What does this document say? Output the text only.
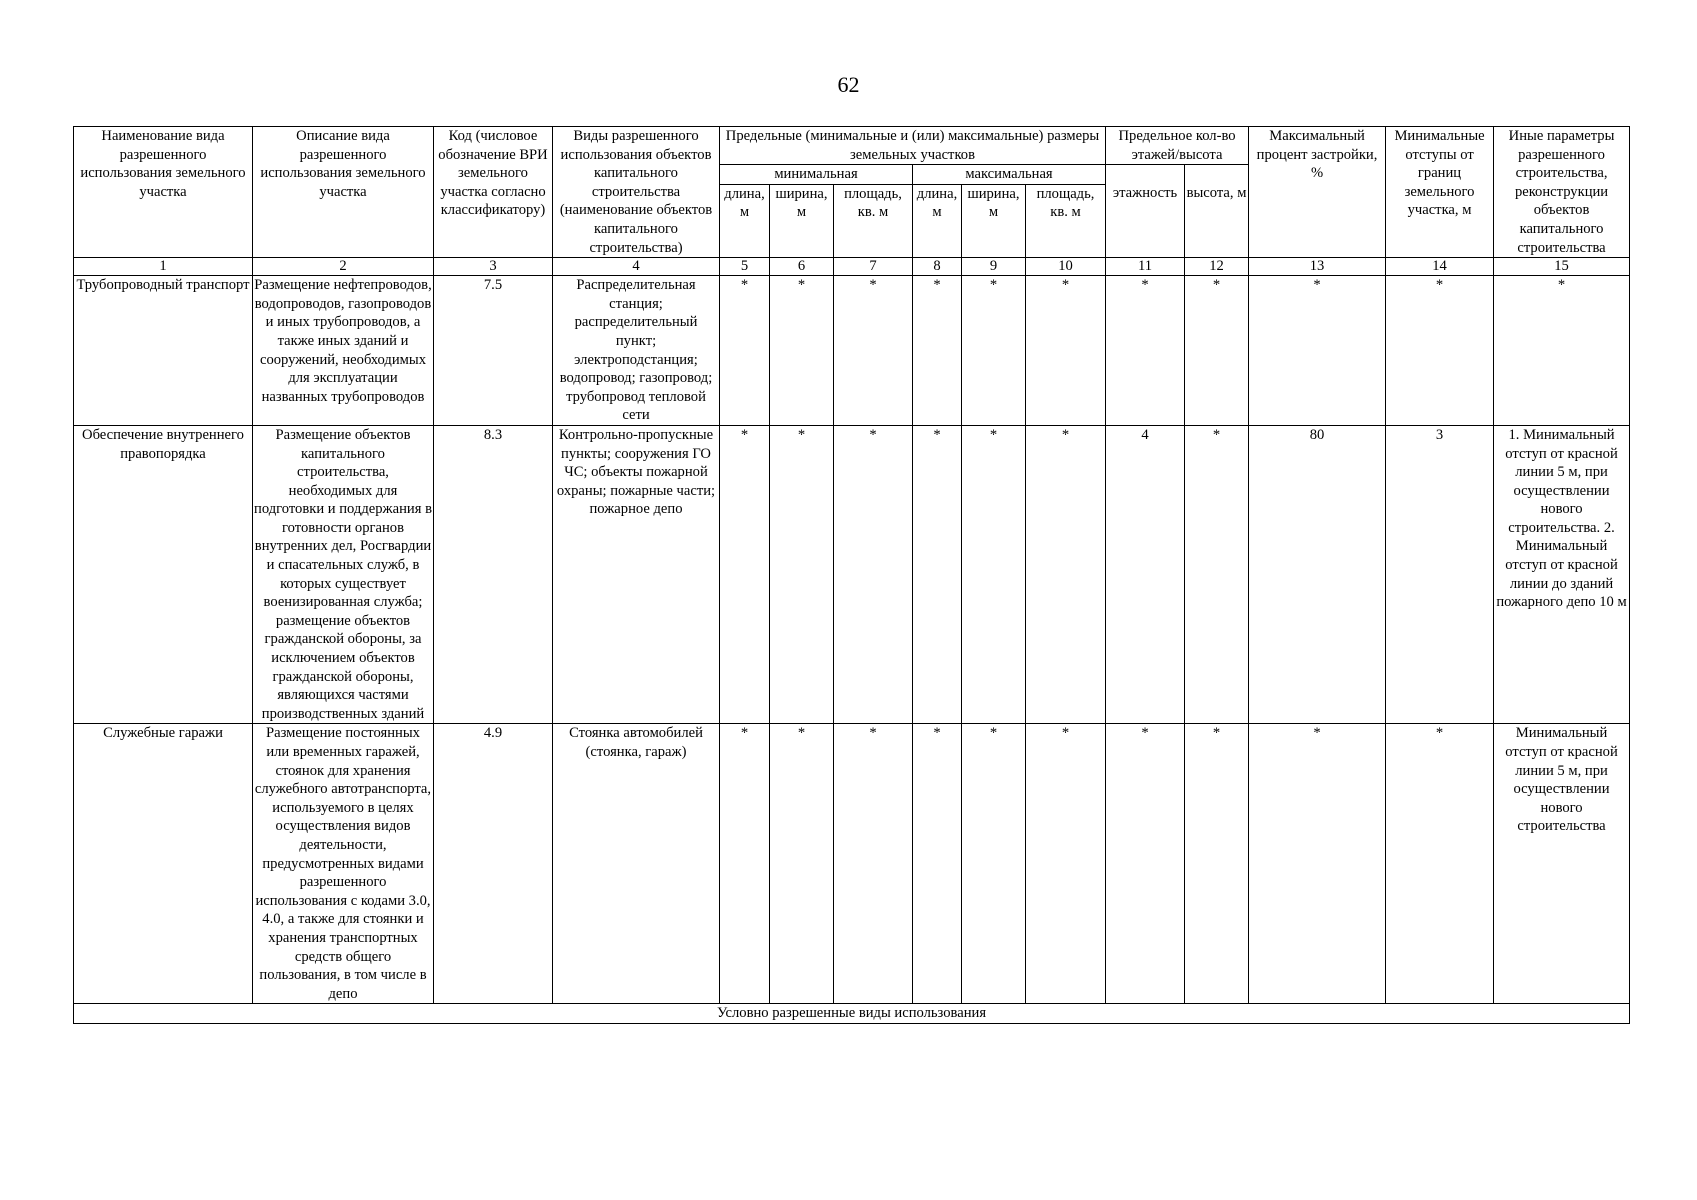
62
Наименование вида разрешенного использования земельного участка	Описание вида разрешенного использования земельного участка	Код (числовое обозначение ВРИ земельного участка согласно классификатору)	Виды разрешенного использования объектов капитального строительства (наименование объектов капитального строительства)	Предельные (минимальные и (или) максимальные) размеры земельных участков						Предельное кол-во этажей/высота		Максимальный процент застройки, %	Минимальные отступы от границ земельного участка, м	Иные параметры разрешенного строительства, реконструкции объектов капитального строительства
				минимальная			максимальная							
				длина, м	ширина, м	площадь, кв. м	длина, м	ширина, м	площадь, кв. м	этажность	высота, м			
1	2	3	4	5	6	7	8	9	10	11	12	13	14	15
Трубопроводный транспорт	Размещение нефтепроводов, водопроводов, газопроводов и иных трубопроводов, а также иных зданий и сооружений, необходимых для эксплуатации названных трубопроводов	7.5	Распределительная станция; распределительный пункт; электроподстанция; водопровод; газопровод; трубопровод тепловой сети	*	*	*	*	*	*	*	*	*	*	*
Обеспечение внутреннего правопорядка	Размещение объектов капитального строительства, необходимых для подготовки и поддержания в готовности органов внутренних дел, Росгвардии и спасательных служб, в которых существует военизированная служба; размещение объектов гражданской обороны, за исключением объектов гражданской обороны, являющихся частями производственных зданий	8.3	Контрольно-пропускные пункты; сооружения ГО ЧС; объекты пожарной охраны; пожарные части; пожарное депо	*	*	*	*	*	*	4	*	80	3	1. Минимальный отступ от красной линии 5 м, при осуществлении нового строительства. 2. Минимальный отступ от красной линии до зданий пожарного депо 10 м
Служебные гаражи	Размещение постоянных или временных гаражей, стоянок для хранения служебного автотранспорта, используемого в целях осуществления видов деятельности, предусмотренных видами разрешенного использования с кодами 3.0, 4.0, а также для стоянки и хранения транспортных средств общего пользования, в том числе в депо	4.9	Стоянка автомобилей (стоянка, гараж)	*	*	*	*	*	*	*	*	*	*	Минимальный отступ от красной линии 5 м, при осуществлении нового строительства
Условно разрешенные виды использования														
